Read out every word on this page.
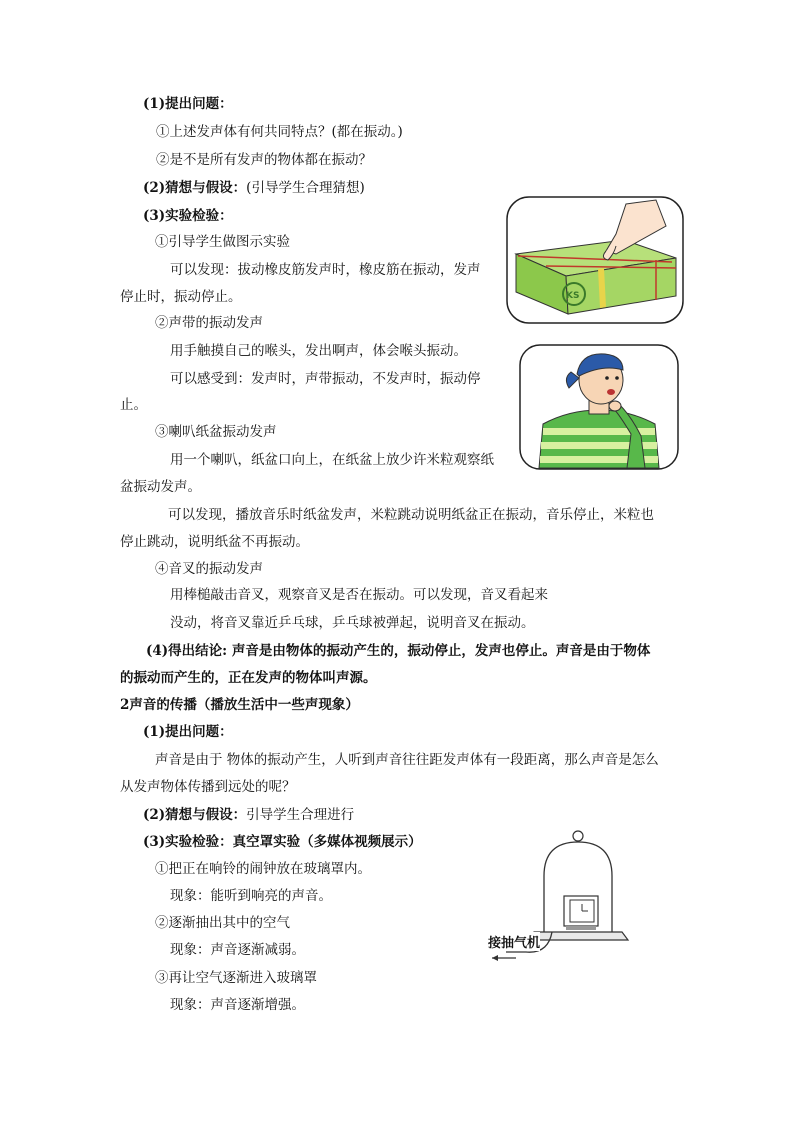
(1)提出问题：
①上述发声体有何共同特点？(都在振动。)
②是不是所有发声的物体都在振动？
(2)猜想与假设：(引导学生合理猜想)
(3)实验检验：
①引导学生做图示实验
可以发现：拔动橡皮筋发声时，橡皮筋在振动，发声
停止时，振动停止。
②声带的振动发声
用手触摸自己的喉头，发出啊声，体会喉头振动。
可以感受到：发声时，声带振动，不发声时，振动停
止。
③喇叭纸盆振动发声
用一个喇叭，纸盆口向上，在纸盆上放少许米粒观察纸
盆振动发声。
可以发现，播放音乐时纸盆发声，米粒跳动说明纸盆正在振动，音乐停止，米粒也
停止跳动，说明纸盆不再振动。
④音叉的振动发声
用棒槌敲击音叉，观察音叉是否在振动。可以发现，音叉看起来
没动，将音叉靠近乒乓球，乒乓球被弹起，说明音叉在振动。
(4)得出结论: 声音是由物体的振动产生的，振动停止，发声也停止。声音是由于物体
的振动而产生的，正在发声的物体叫声源。
2声音的传播（播放生活中一些声现象）
(1)提出问题：
声音是由于 物体的振动产生，人听到声音往往距发声体有一段距离，那么声音是怎么
从发声物体传播到远处的呢？
(2)猜想与假设：引导学生合理进行
(3)实验检验：真空罩实验（多媒体视频展示）
①把正在响铃的闹钟放在玻璃罩内。
现象：能听到响亮的声音。
②逐渐抽出其中的空气
现象：声音逐渐减弱。
③再让空气逐渐进入玻璃罩
现象：声音逐渐增强。
KS
接抽气机
